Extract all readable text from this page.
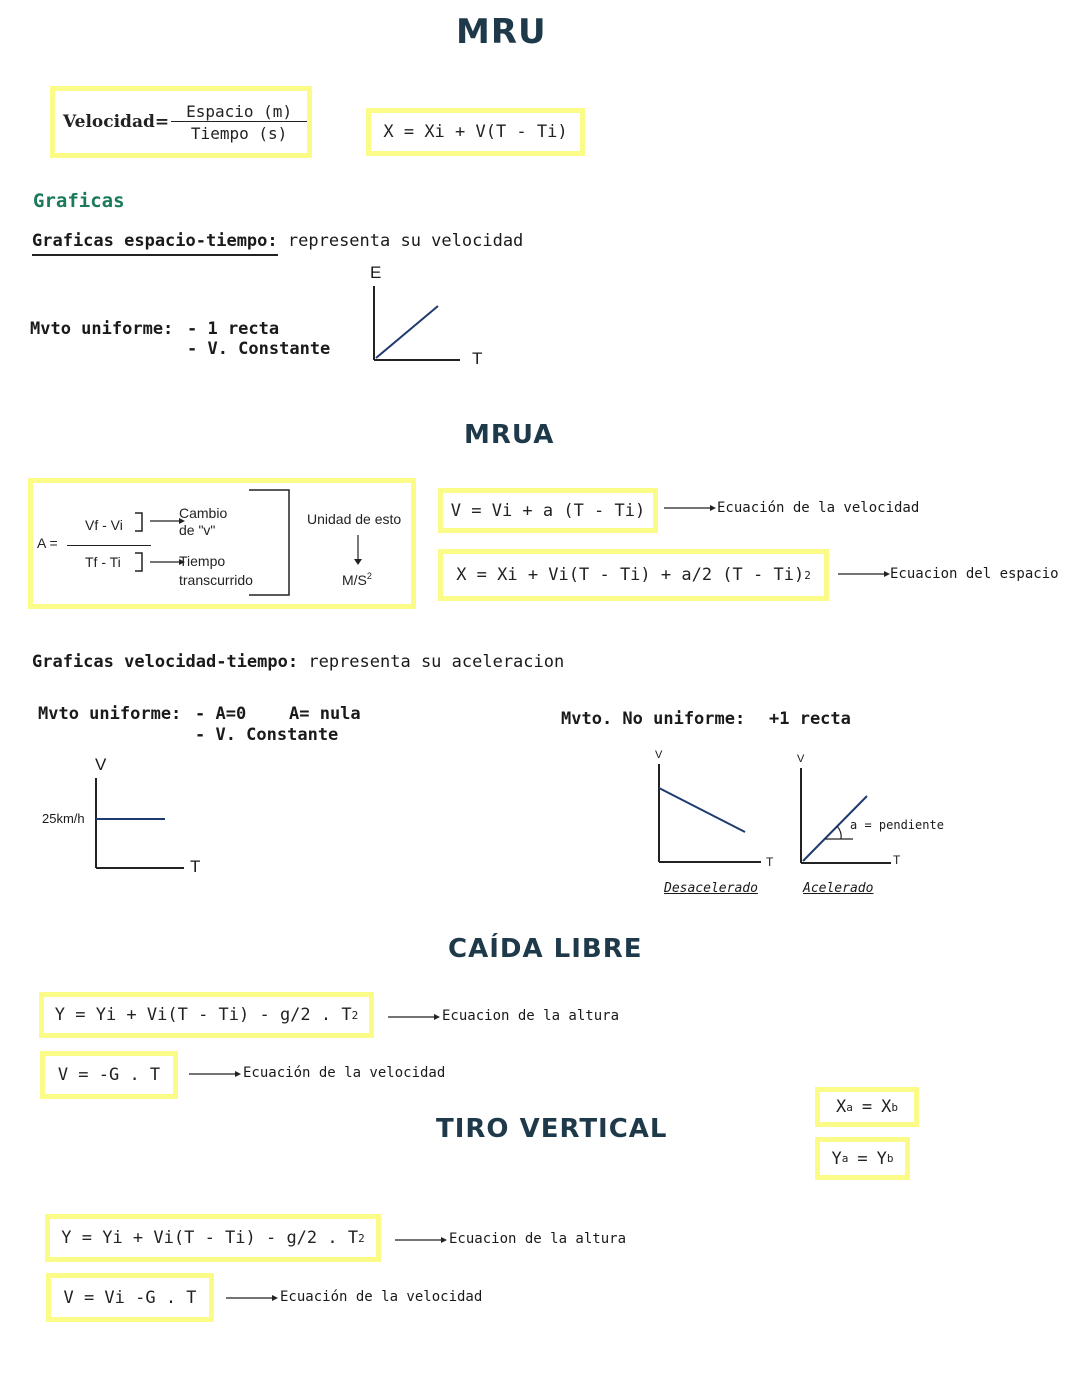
MRU
Velocidad=
Espacio (m)
Tiempo (s)	X = Xi + V(T - Ti)
Graficas
Graficas espacio-tiempo: representa su velocidad
Mvto uniforme: - 1 recta
- V. Constante
E
T
MRUA
A =
Vf - Vi
Tf - Ti
Cambio
de "v"
Tiempo
transcurrido
Unidad de esto
$M/S^2$
V = Vi + a (T - Ti)	Ecuación de la velocidad
X = Xi + Vi(T - Ti) + a/2 (T - Ti) 2	Ecuacion del espacio
Graficas velocidad-tiempo: representa su aceleracion
Mvto uniforme: - A=0	A= nula
- V. Constante
V
25km/h
T
Mvto. No uniforme: +1 recta
V
T
Desacelerado
V
T
a = pendiente
Acelerado
CAÍDA LIBRE
Y = Yi + Vi(T - Ti) - g/2 . T 2	Ecuacion de la altura
V = -G . T	Ecuación de la velocidad
TIRO VERTICAL
X a = X b
Y a = Y b
Y = Yi + Vi(T - Ti) - g/2 . T 2	Ecuacion de la altura
V = Vi -G . T	Ecuación de la velocidad
